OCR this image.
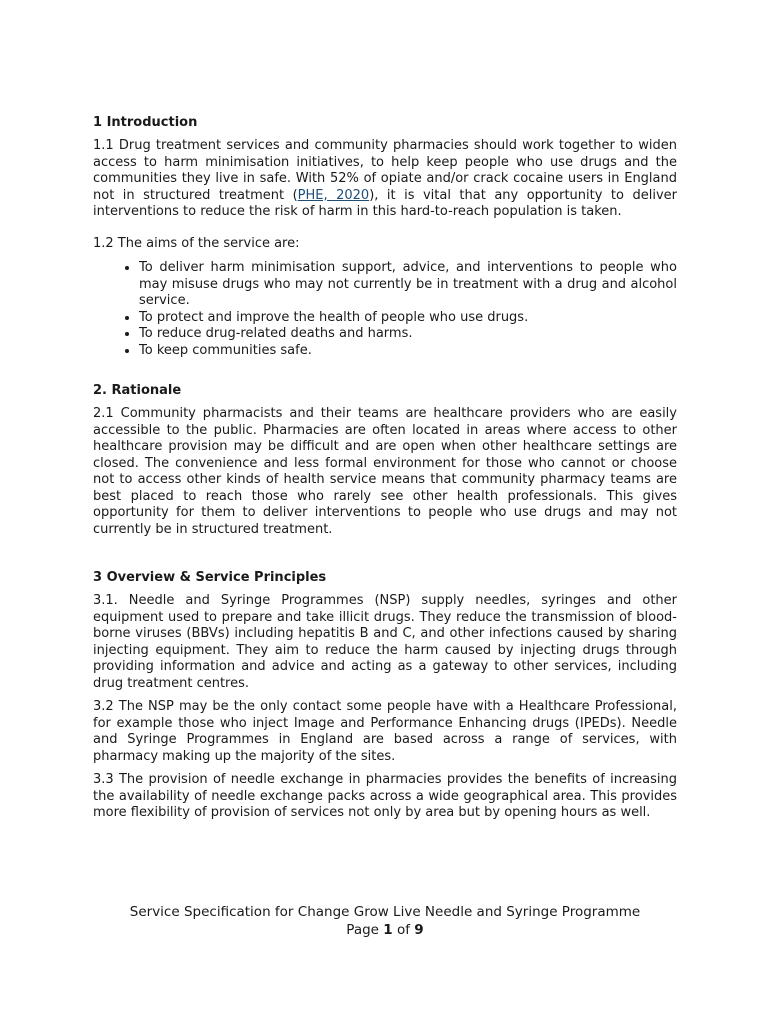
1 Introduction

1.1 Drug treatment services and community pharmacies should work together to widen access to harm minimisation initiatives, to help keep people who use drugs and the communities they live in safe. With 52% of opiate and/or crack cocaine users in England not in structured treatment (PHE, 2020), it is vital that any opportunity to deliver interventions to reduce the risk of harm in this hard-to-reach population is taken.

1.2 The aims of the service are:

• To deliver harm minimisation support, advice, and interventions to people who may misuse drugs who may not currently be in treatment with a drug and alcohol service.
• To protect and improve the health of people who use drugs.
• To reduce drug-related deaths and harms.
• To keep communities safe.
2. Rationale

2.1 Community pharmacists and their teams are healthcare providers who are easily accessible to the public. Pharmacies are often located in areas where access to other healthcare provision may be difficult and are open when other healthcare settings are closed. The convenience and less formal environment for those who cannot or choose not to access other kinds of health service means that community pharmacy teams are best placed to reach those who rarely see other health professionals. This gives opportunity for them to deliver interventions to people who use drugs and may not currently be in structured treatment.

3 Overview & Service Principles

3.1. Needle and Syringe Programmes (NSP) supply needles, syringes and other equipment used to prepare and take illicit drugs. They reduce the transmission of blood-borne viruses (BBVs) including hepatitis B and C, and other infections caused by sharing injecting equipment. They aim to reduce the harm caused by injecting drugs through providing information and advice and acting as a gateway to other services, including drug treatment centres.

3.2 The NSP may be the only contact some people have with a Healthcare Professional, for example those who inject Image and Performance Enhancing drugs (IPEDs). Needle and Syringe Programmes in England are based across a range of services, with pharmacy making up the majority of the sites.

3.3 The provision of needle exchange in pharmacies provides the benefits of increasing the availability of needle exchange packs across a wide geographical area. This provides more flexibility of provision of services not only by area but by opening hours as well.

Service Specification for Change Grow Live Needle and Syringe Programme
Page 1 of 9
